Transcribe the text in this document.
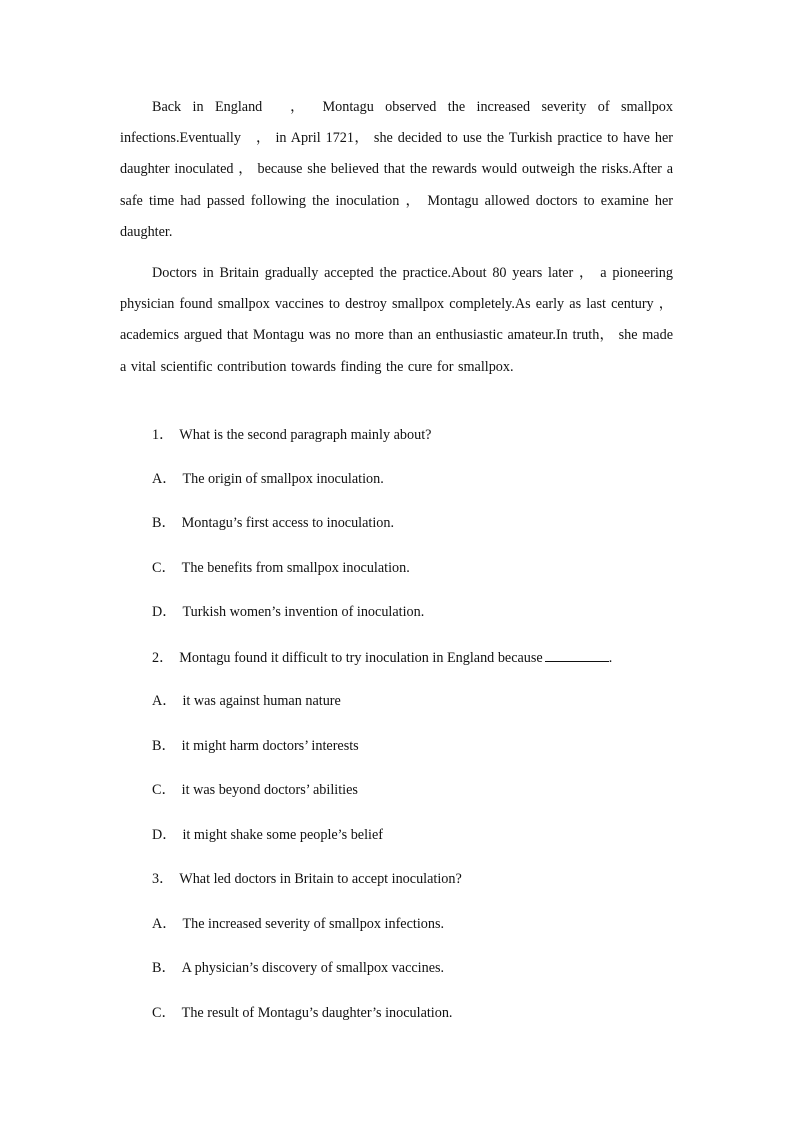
Back in England　， Montagu observed the increased severity of smallpox infections.Eventually　， in April 1721， she decided to use the Turkish practice to have her daughter inoculated ， because she believed that the rewards would outweigh the risks.After a safe time had passed following the inoculation ， Montagu allowed doctors to examine her daughter.

Doctors in Britain gradually accepted the practice.About 80 years later ， a pioneering physician found smallpox vaccines to destroy smallpox completely.As early as last century ， academics argued that Montagu was no more than an enthusiastic amateur.In truth， she made a vital scientific contribution towards finding the cure for smallpox.

1． What is the second paragraph mainly about?
A． The origin of smallpox inoculation.
B． Montagu’s first access to inoculation.
C． The benefits from smallpox inoculation.
D． Turkish women’s invention of inoculation.
2． Montagu found it difficult to try inoculation in England because	.
A． it was against human nature
B． it might harm doctors’ interests
C． it was beyond doctors’ abilities
D． it might shake some people’s belief
3． What led doctors in Britain to accept inoculation?
A． The increased severity of smallpox infections.
B． A physician’s discovery of smallpox vaccines.
C． The result of Montagu’s daughter’s inoculation.
